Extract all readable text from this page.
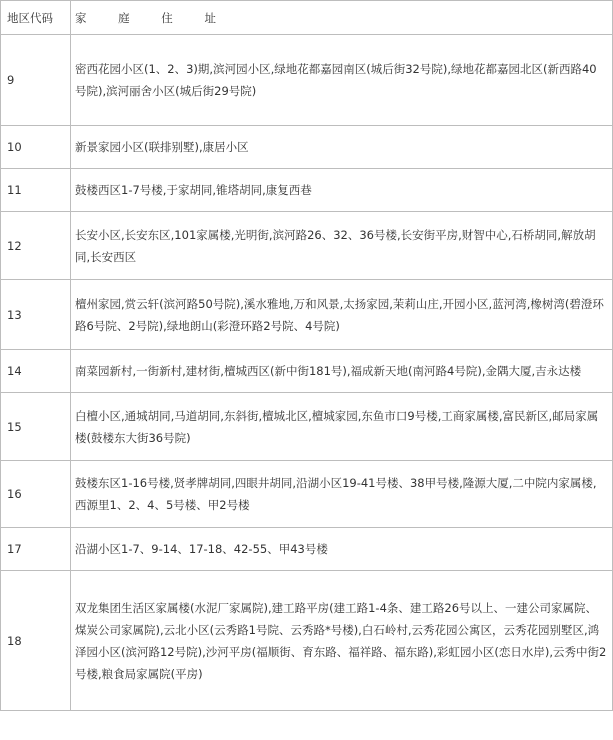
地区代码	家 庭 住 址
9	密西花园小区(1、2、3)期,滨河园小区,绿地花都嘉园南区(城后街32号院),绿地花都嘉园北区(新西路40号院),滨河丽舍小区(城后街29号院)
10	新景家园小区(联排别墅),康居小区
11	鼓楼西区1-7号楼,于家胡同,锥塔胡同,康复西巷
12	长安小区,长安东区,101家属楼,光明街,滨河路26、32、36号楼,长安街平房,财智中心,石桥胡同,解放胡同,长安西区
13	檀州家园,赏云轩(滨河路50号院),溪水雅地,万和风景,太扬家园,茉莉山庄,开园小区,蓝河湾,橡树湾(碧澄环路6号院、2号院),绿地朗山(彩澄环路2号院、4号院)
14	南菜园新村,一街新村,建材街,檀城西区(新中街181号),福成新天地(南河路4号院),金隅大厦,吉永达楼
15	白檀小区,通城胡同,马道胡同,东斜街,檀城北区,檀城家园,东鱼市口9号楼,工商家属楼,富民新区,邮局家属楼(鼓楼东大街36号院)
16	鼓楼东区1-16号楼,贤孝牌胡同,四眼井胡同,沿湖小区19-41号楼、38甲号楼,隆源大厦,二中院内家属楼,西源里1、2、4、5号楼、甲2号楼
17	沿湖小区1-7、9-14、17-18、42-55、甲43号楼
18	双龙集团生活区家属楼(水泥厂家属院),建工路平房(建工路1-4条、建工路26号以上、一建公司家属院、煤炭公司家属院),云北小区(云秀路1号院、云秀路*号楼),白石岭村,云秀花园公寓区，云秀花园别墅区,鸿泽园小区(滨河路12号院),沙河平房(福顺街、育东路、福祥路、福东路),彩虹园小区(恋日水岸),云秀中街2号楼,粮食局家属院(平房)
